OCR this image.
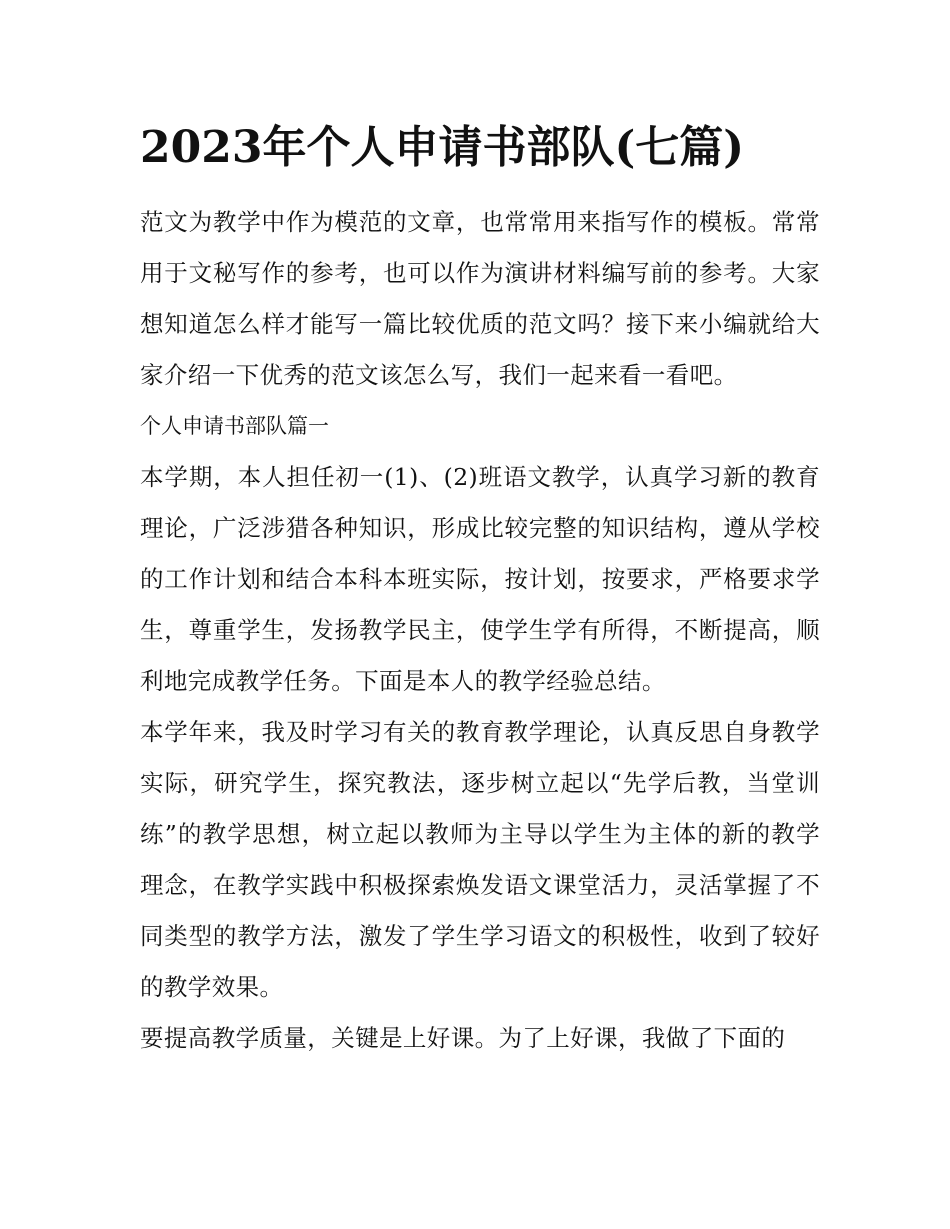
2023年个人申请书部队(七篇)

范文为教学中作为模范的文章，也常常用来指写作的模板。常常用于文秘写作的参考，也可以作为演讲材料编写前的参考。大家想知道怎么样才能写一篇比较优质的范文吗？接下来小编就给大家介绍一下优秀的范文该怎么写，我们一起来看一看吧。

个人申请书部队篇一

本学期，本人担任初一(1)、(2)班语文教学，认真学习新的教育理论，广泛涉猎各种知识，形成比较完整的知识结构，遵从学校的工作计划和结合本科本班实际，按计划，按要求，严格要求学生，尊重学生，发扬教学民主，使学生学有所得，不断提高，顺利地完成教学任务。下面是本人的教学经验总结。

本学年来，我及时学习有关的教育教学理论，认真反思自身教学实际，研究学生，探究教法，逐步树立起以“先学后教，当堂训练”的教学思想，树立起以教师为主导以学生为主体的新的教学理念，在教学实践中积极探索焕发语文课堂活力，灵活掌握了不同类型的教学方法，激发了学生学习语文的积极性，收到了较好的教学效果。

要提高教学质量，关键是上好课。为了上好课，我做了下面的
